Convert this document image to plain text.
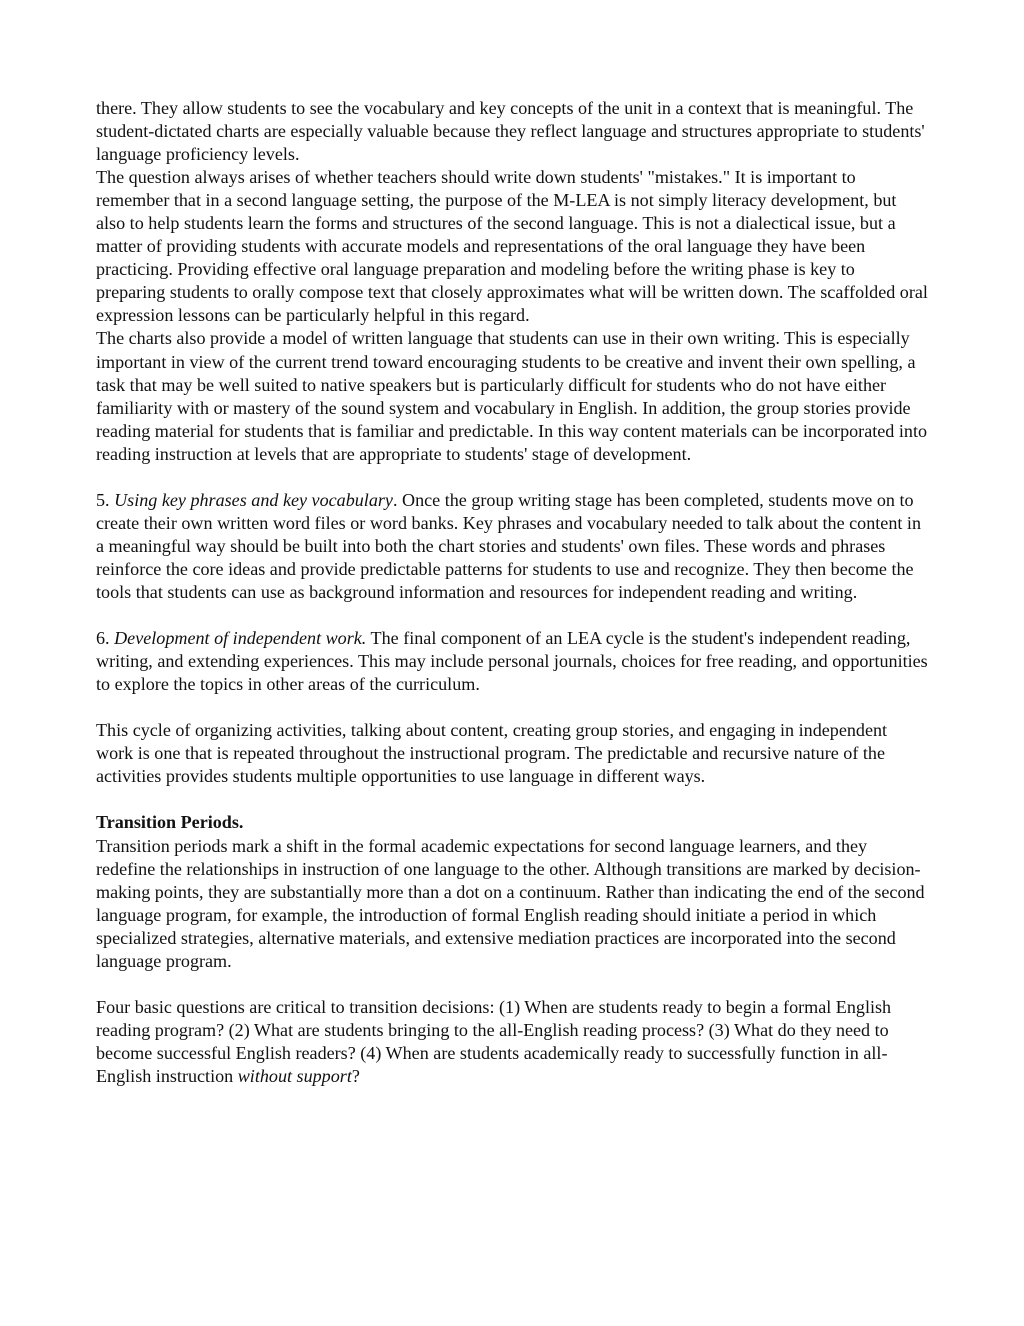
there. They allow students to see the vocabulary and key concepts of the unit in a context that is meaningful. The student-dictated charts are especially valuable because they reflect language and structures appropriate to students' language proficiency levels.

The question always arises of whether teachers should write down students' "mistakes." It is important to remember that in a second language setting, the purpose of the M-LEA is not simply literacy development, but also to help students learn the forms and structures of the second language. This is not a dialectical issue, but a matter of providing students with accurate models and representations of the oral language they have been practicing. Providing effective oral language preparation and modeling before the writing phase is key to preparing students to orally compose text that closely approximates what will be written down. The scaffolded oral expression lessons can be particularly helpful in this regard.

The charts also provide a model of written language that students can use in their own writing. This is especially important in view of the current trend toward encouraging students to be creative and invent their own spelling, a task that may be well suited to native speakers but is particularly difficult for students who do not have either familiarity with or mastery of the sound system and vocabulary in English. In addition, the group stories provide reading material for students that is familiar and predictable. In this way content materials can be incorporated into reading instruction at levels that are appropriate to students' stage of development.

5. Using key phrases and key vocabulary. Once the group writing stage has been completed, students move on to create their own written word files or word banks. Key phrases and vocabulary needed to talk about the content in a meaningful way should be built into both the chart stories and students' own files. These words and phrases reinforce the core ideas and provide predictable patterns for students to use and recognize. They then become the tools that students can use as background information and resources for independent reading and writing.

6. Development of independent work. The final component of an LEA cycle is the student's independent reading, writing, and extending experiences. This may include personal journals, choices for free reading, and opportunities to explore the topics in other areas of the curriculum.

This cycle of organizing activities, talking about content, creating group stories, and engaging in independent work is one that is repeated throughout the instructional program. The predictable and recursive nature of the activities provides students multiple opportunities to use language in different ways.

Transition Periods.

Transition periods mark a shift in the formal academic expectations for second language learners, and they redefine the relationships in instruction of one language to the other. Although transitions are marked by decision-making points, they are substantially more than a dot on a continuum. Rather than indicating the end of the second language program, for example, the introduction of formal English reading should initiate a period in which specialized strategies, alternative materials, and extensive mediation practices are incorporated into the second language program.

Four basic questions are critical to transition decisions: (1) When are students ready to begin a formal English reading program? (2) What are students bringing to the all-English reading process? (3) What do they need to become successful English readers? (4) When are students academically ready to successfully function in all-English instruction without support?
